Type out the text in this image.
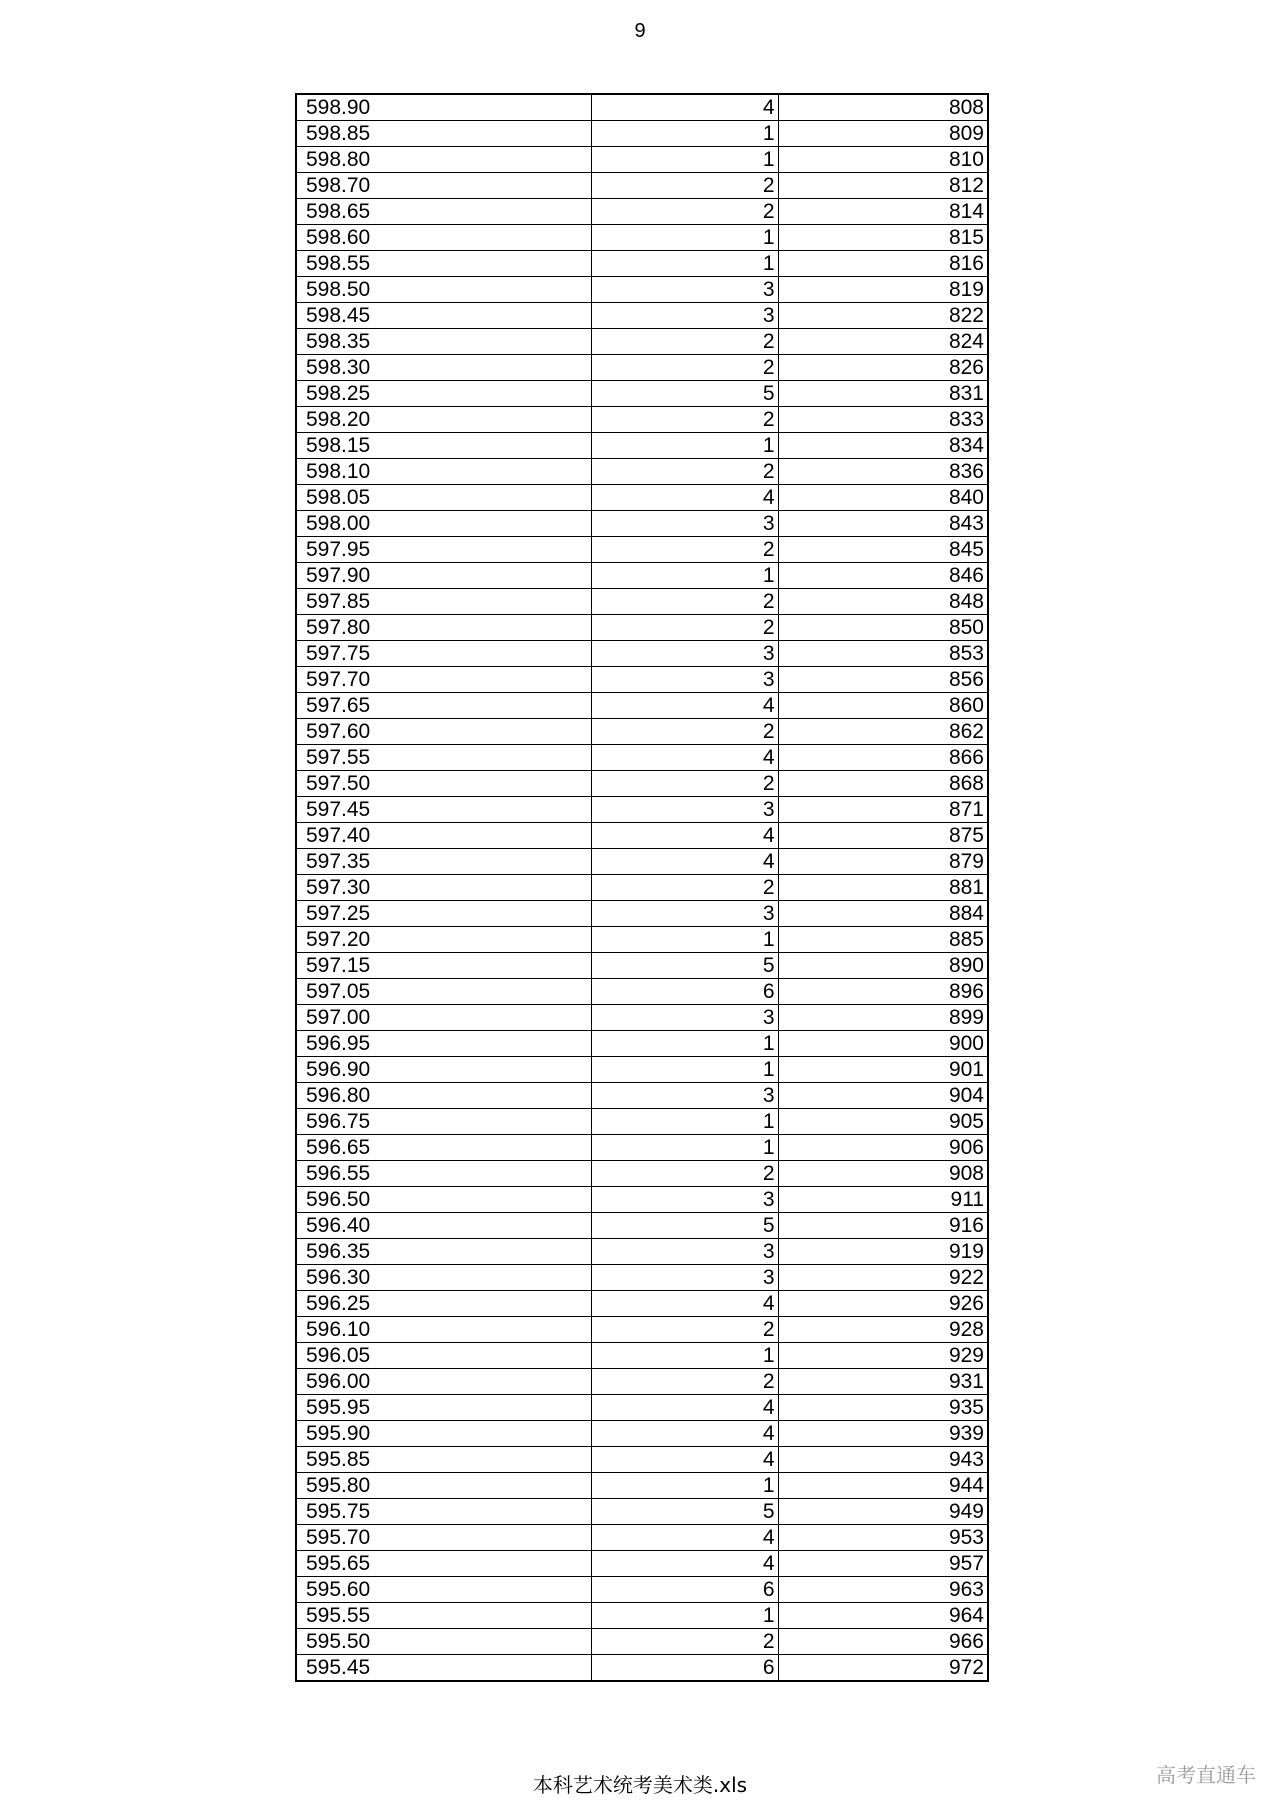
9
598.90	4	808
598.85	1	809
598.80	1	810
598.70	2	812
598.65	2	814
598.60	1	815
598.55	1	816
598.50	3	819
598.45	3	822
598.35	2	824
598.30	2	826
598.25	5	831
598.20	2	833
598.15	1	834
598.10	2	836
598.05	4	840
598.00	3	843
597.95	2	845
597.90	1	846
597.85	2	848
597.80	2	850
597.75	3	853
597.70	3	856
597.65	4	860
597.60	2	862
597.55	4	866
597.50	2	868
597.45	3	871
597.40	4	875
597.35	4	879
597.30	2	881
597.25	3	884
597.20	1	885
597.15	5	890
597.05	6	896
597.00	3	899
596.95	1	900
596.90	1	901
596.80	3	904
596.75	1	905
596.65	1	906
596.55	2	908
596.50	3	911
596.40	5	916
596.35	3	919
596.30	3	922
596.25	4	926
596.10	2	928
596.05	1	929
596.00	2	931
595.95	4	935
595.90	4	939
595.85	4	943
595.80	1	944
595.75	5	949
595.70	4	953
595.65	4	957
595.60	6	963
595.55	1	964
595.50	2	966
595.45	6	972
本科艺术统考美术类.xls	高考直通车
